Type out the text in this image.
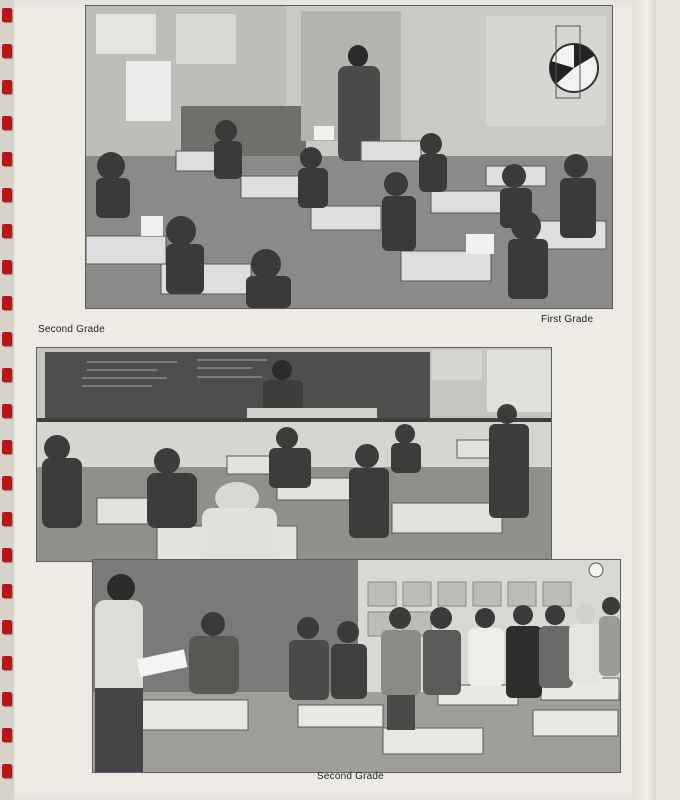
Second Grade
First Grade
Second Grade
